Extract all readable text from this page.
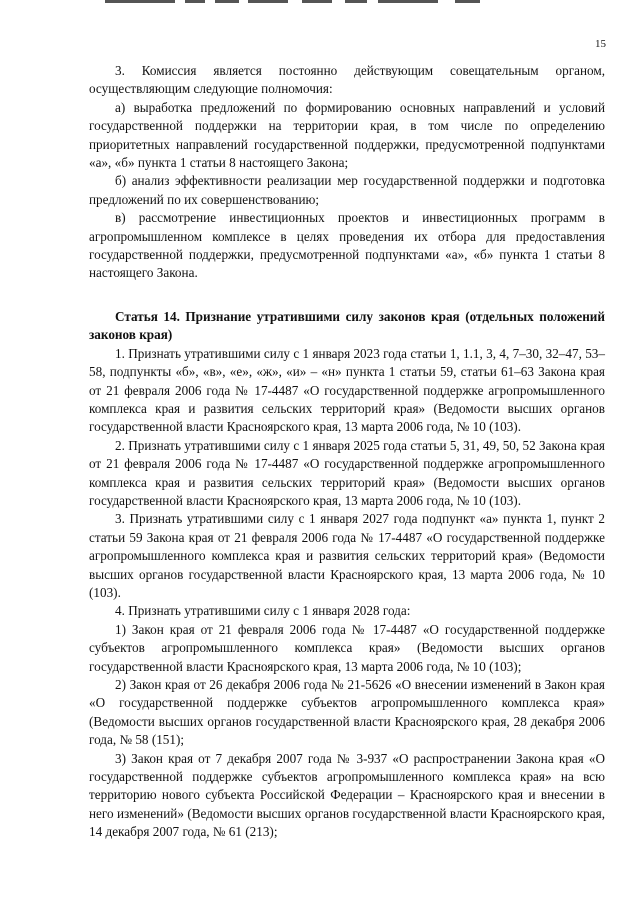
15

3. Комиссия является постоянно действующим совещательным органом, осуществляющим следующие полномочия:

а) выработка предложений по формированию основных направлений и условий государственной поддержки на территории края, в том числе по определению приоритетных направлений государственной поддержки, предусмотренной подпунктами «а», «б» пункта 1 статьи 8 настоящего Закона;

б) анализ эффективности реализации мер государственной поддержки и подготовка предложений по их совершенствованию;

в) рассмотрение инвестиционных проектов и инвестиционных программ в агропромышленном комплексе в целях проведения их отбора для предоставления государственной поддержки, предусмотренной подпунктами «а», «б» пункта 1 статьи 8 настоящего Закона.

Статья 14. Признание утратившими силу законов края (отдельных положений законов края)

1. Признать утратившими силу с 1 января 2023 года статьи 1, 1.1, 3, 4, 7–30, 32–47, 53–58, подпункты «б», «в», «е», «ж», «и» – «н» пункта 1 статьи 59, статьи 61–63 Закона края от 21 февраля 2006 года № 17-4487 «О государственной поддержке агропромышленного комплекса края и развития сельских территорий края» (Ведомости высших органов государственной власти Красноярского края, 13 марта 2006 года, № 10 (103).

2. Признать утратившими силу с 1 января 2025 года статьи 5, 31, 49, 50, 52 Закона края от 21 февраля 2006 года № 17-4487 «О государственной поддержке агропромышленного комплекса края и развития сельских территорий края» (Ведомости высших органов государственной власти Красноярского края, 13 марта 2006 года, № 10 (103).

3. Признать утратившими силу с 1 января 2027 года подпункт «а» пункта 1, пункт 2 статьи 59 Закона края от 21 февраля 2006 года № 17-4487 «О государственной поддержке агропромышленного комплекса края и развития сельских территорий края» (Ведомости высших органов государственной власти Красноярского края, 13 марта 2006 года, № 10 (103).

4. Признать утратившими силу с 1 января 2028 года:

1) Закон края от 21 февраля 2006 года № 17-4487 «О государственной поддержке субъектов агропромышленного комплекса края» (Ведомости высших органов государственной власти Красноярского края, 13 марта 2006 года, № 10 (103);

2) Закон края от 26 декабря 2006 года № 21-5626 «О внесении изменений в Закон края «О государственной поддержке субъектов агропромышленного комплекса края» (Ведомости высших органов государственной власти Красноярского края, 28 декабря 2006 года, № 58 (151);

3) Закон края от 7 декабря 2007 года № 3-937 «О распространении Закона края «О государственной поддержке субъектов агропромышленного комплекса края» на всю территорию нового субъекта Российской Федерации – Красноярского края и внесении в него изменений» (Ведомости высших органов государственной власти Красноярского края, 14 декабря 2007 года, № 61 (213);
